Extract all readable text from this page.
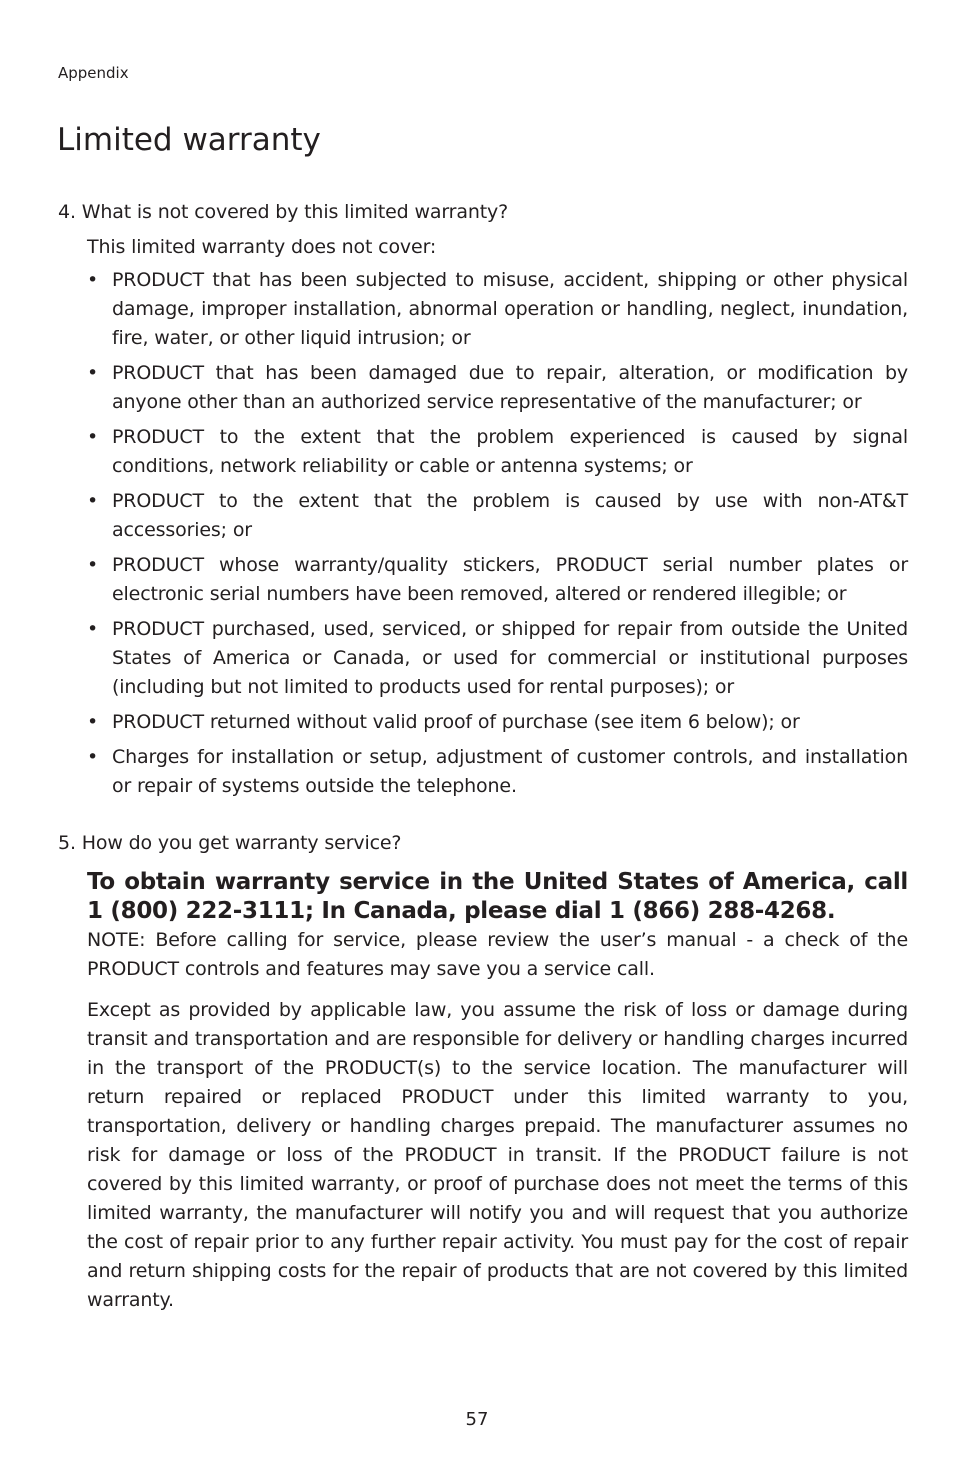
Appendix
Limited warranty

4. What is not covered by this limited warranty?

This limited warranty does not cover:

• PRODUCT that has been subjected to misuse, accident, shipping or other physical damage, improper installation, abnormal operation or handling, neglect, inundation, fire, water, or other liquid intrusion; or
• PRODUCT that has been damaged due to repair, alteration, or modification by anyone other than an authorized service representative of the manufacturer; or
• PRODUCT to the extent that the problem experienced is caused by signal conditions, network reliability or cable or antenna systems; or
• PRODUCT to the extent that the problem is caused by use with non-AT&T accessories; or
• PRODUCT whose warranty/quality stickers, PRODUCT serial number plates or electronic serial numbers have been removed, altered or rendered illegible; or
• PRODUCT purchased, used, serviced, or shipped for repair from outside the United States of America or Canada, or used for commercial or institutional purposes (including but not limited to products used for rental purposes); or
• PRODUCT returned without valid proof of purchase (see item 6 below); or
• Charges for installation or setup, adjustment of customer controls, and installation or repair of systems outside the telephone.

5. How do you get warranty service?

To obtain warranty service in the United States of America, call 1 (800) 222-3111; In Canada, please dial 1 (866) 288-4268.

NOTE: Before calling for service, please review the user’s manual - a check of the PRODUCT controls and features may save you a service call.

Except as provided by applicable law, you assume the risk of loss or damage during transit and transportation and are responsible for delivery or handling charges incurred in the transport of the PRODUCT(s) to the service location. The manufacturer will return repaired or replaced PRODUCT under this limited warranty to you, transportation, delivery or handling charges prepaid. The manufacturer assumes no risk for damage or loss of the PRODUCT in transit. If the PRODUCT failure is not covered by this limited warranty, or proof of purchase does not meet the terms of this limited warranty, the manufacturer will notify you and will request that you authorize the cost of repair prior to any further repair activity. You must pay for the cost of repair and return shipping costs for the repair of products that are not covered by this limited warranty.

57
